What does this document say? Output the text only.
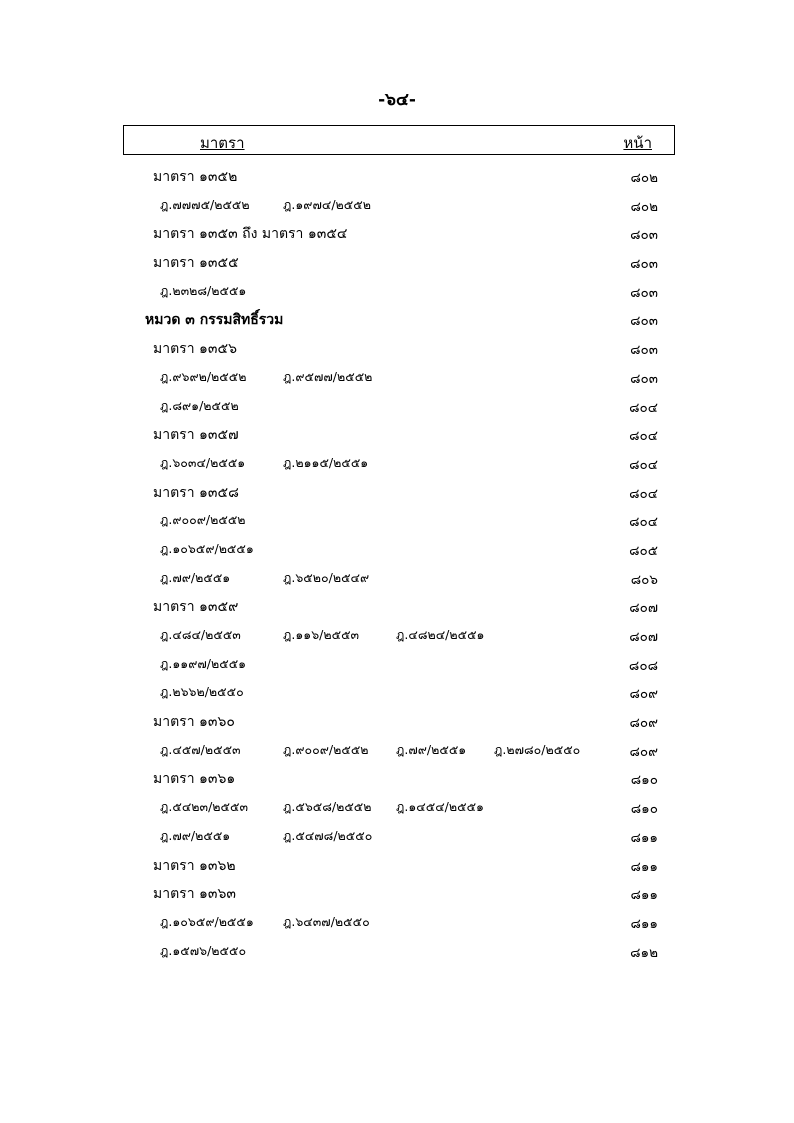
-๖๔-
มาตรา	หน้า
มาตรา ๑๓๕๒	๘๐๒
ฎ.๗๗๗๕/๒๕๕๒	ฎ.๑๙๗๔/๒๕๕๒	๘๐๒
มาตรา ๑๓๕๓ ถึง มาตรา ๑๓๕๔	๘๐๓
มาตรา ๑๓๕๕	๘๐๓
ฎ.๒๓๒๘/๒๕๕๑	๘๐๓
หมวด ๓ กรรมสิทธิ์รวม	๘๐๓
มาตรา ๑๓๕๖	๘๐๓
ฎ.๙๖๙๒/๒๕๕๒	ฎ.๙๕๗๗/๒๕๕๒	๘๐๓
ฎ.๘๙๑/๒๕๕๒	๘๐๔
มาตรา ๑๓๕๗	๘๐๔
ฎ.๖๐๓๔/๒๕๕๑	ฎ.๒๑๑๕/๒๕๕๑	๘๐๔
มาตรา ๑๓๕๘	๘๐๔
ฎ.๙๐๐๙/๒๕๕๒	๘๐๔
ฎ.๑๐๖๕๙/๒๕๕๑	๘๐๕
ฎ.๗๙/๒๕๕๑	ฎ.๖๕๒๐/๒๕๔๙	๘๐๖
มาตรา ๑๓๕๙	๘๐๗
ฎ.๔๘๔/๒๕๕๓	ฎ.๑๑๖/๒๕๕๓	ฎ.๔๘๒๔/๒๕๕๑	๘๐๗
ฎ.๑๑๙๗/๒๕๕๑	๘๐๘
ฎ.๒๖๖๒/๒๕๕๐	๘๐๙
มาตรา ๑๓๖๐	๘๐๙
ฎ.๔๕๗/๒๕๕๓	ฎ.๙๐๐๙/๒๕๕๒ ฎ.๗๙/๒๕๕๑ ฎ.๒๗๘๐/๒๕๕๐	๘๐๙
มาตรา ๑๓๖๑	๘๑๐
ฎ.๕๔๒๓/๒๕๕๓	ฎ.๕๖๕๘/๒๕๕๒ ฎ.๑๔๕๔/๒๕๕๑	๘๑๐
ฎ.๗๙/๒๕๕๑	ฎ.๕๔๗๘/๒๕๕๐	๘๑๑
มาตรา ๑๓๖๒	๘๑๑
มาตรา ๑๓๖๓	๘๑๑
ฎ.๑๐๖๕๙/๒๕๕๑ ฎ.๖๔๓๗/๒๕๕๐	๘๑๑
ฎ.๑๕๗๖/๒๕๕๐	๘๑๒
